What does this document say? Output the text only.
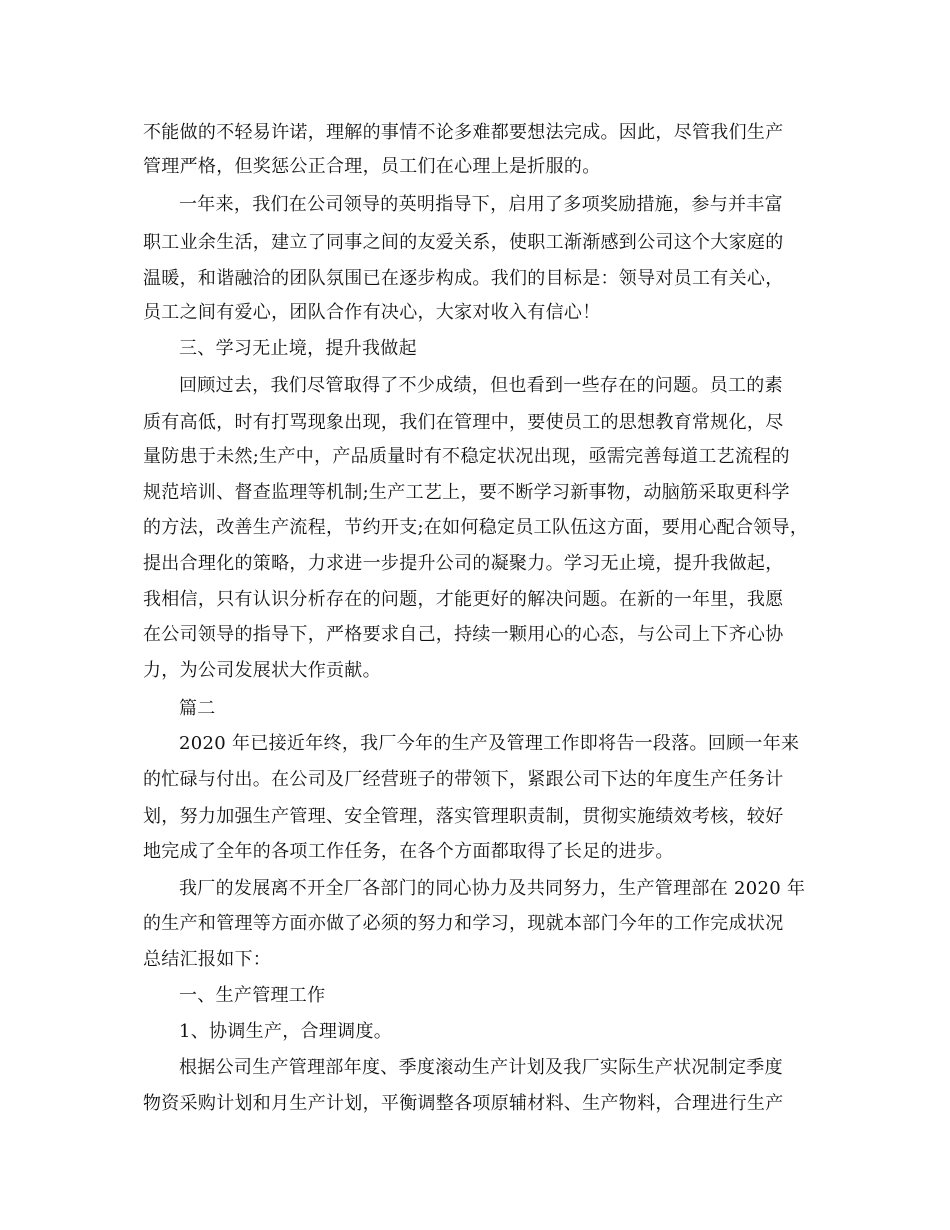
不能做的不轻易许诺，理解的事情不论多难都要想法完成。因此，尽管我们生产
管理严格，但奖惩公正合理，员工们在心理上是折服的。
一年来，我们在公司领导的英明指导下，启用了多项奖励措施，参与并丰富
职工业余生活，建立了同事之间的友爱关系，使职工渐渐感到公司这个大家庭的
温暖，和谐融洽的团队氛围已在逐步构成。我们的目标是：领导对员工有关心，
员工之间有爱心，团队合作有决心，大家对收入有信心！
三、学习无止境，提升我做起
回顾过去，我们尽管取得了不少成绩，但也看到一些存在的问题。员工的素
质有高低，时有打骂现象出现，我们在管理中，要使员工的思想教育常规化，尽
量防患于未然;生产中，产品质量时有不稳定状况出现，亟需完善每道工艺流程的
规范培训、督查监理等机制;生产工艺上，要不断学习新事物，动脑筋采取更科学
的方法，改善生产流程，节约开支;在如何稳定员工队伍这方面，要用心配合领导，
提出合理化的策略，力求进一步提升公司的凝聚力。学习无止境，提升我做起，
我相信，只有认识分析存在的问题，才能更好的解决问题。在新的一年里，我愿
在公司领导的指导下，严格要求自己，持续一颗用心的心态，与公司上下齐心协
力，为公司发展状大作贡献。
篇二
2020 年已接近年终，我厂今年的生产及管理工作即将告一段落。回顾一年来
的忙碌与付出。在公司及厂经营班子的带领下，紧跟公司下达的年度生产任务计
划，努力加强生产管理、安全管理，落实管理职责制，贯彻实施绩效考核，较好
地完成了全年的各项工作任务，在各个方面都取得了长足的进步。
我厂的发展离不开全厂各部门的同心协力及共同努力，生产管理部在 2020 年
的生产和管理等方面亦做了必须的努力和学习，现就本部门今年的工作完成状况
总结汇报如下：
一、生产管理工作
1、协调生产，合理调度。
根据公司生产管理部年度、季度滚动生产计划及我厂实际生产状况制定季度
物资采购计划和月生产计划，平衡调整各项原辅材料、生产物料，合理进行生产
